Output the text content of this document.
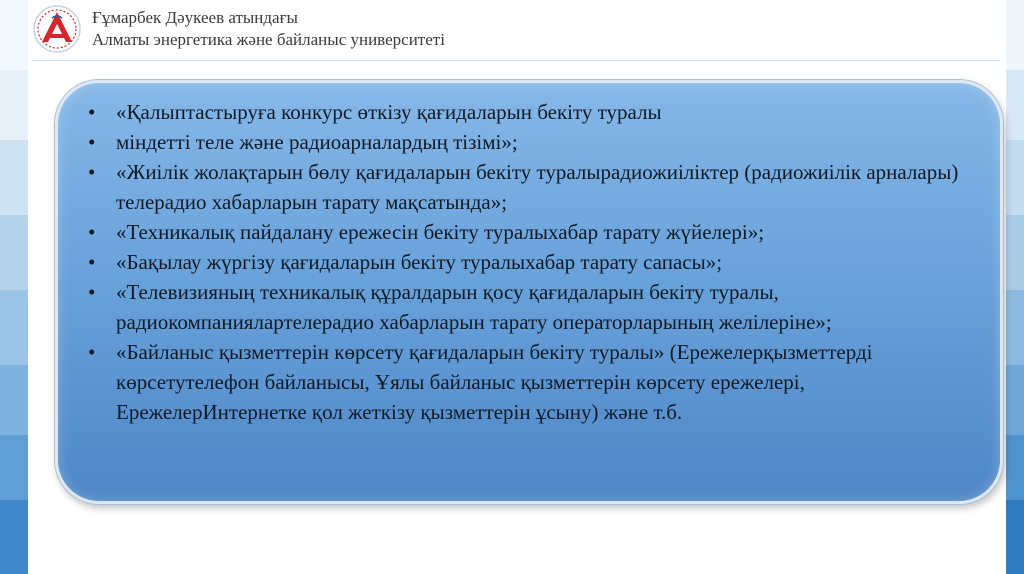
Ғұмарбек Дәукеев атындағы
Алматы энергетика және байланыс университеті
• «Қалыптастыруға конкурс өткізу қағидаларын бекіту туралы
• міндетті теле және радиоарналардың тізімі»;
• «Жиілік жолақтарын бөлу қағидаларын бекіту туралырадиожиіліктер (радиожиілік арналары) телерадио хабарларын тарату мақсатында»;
• «Техникалық пайдалану ережесін бекіту туралыхабар тарату жүйелері»;
• «Бақылау жүргізу қағидаларын бекіту туралыхабар тарату сапасы»;
• «Телевизияның техникалық құралдарын қосу қағидаларын бекіту туралы, радиокомпаниялартелерадио хабарларын тарату операторларының желілеріне»;
• «Байланыс қызметтерін көрсету қағидаларын бекіту туралы» (Ережелерқызметтерді көрсетутелефон байланысы, Ұялы байланыс қызметтерін көрсету ережелері, ЕрежелерИнтернетке қол жеткізу қызметтерін ұсыну) және т.б.
